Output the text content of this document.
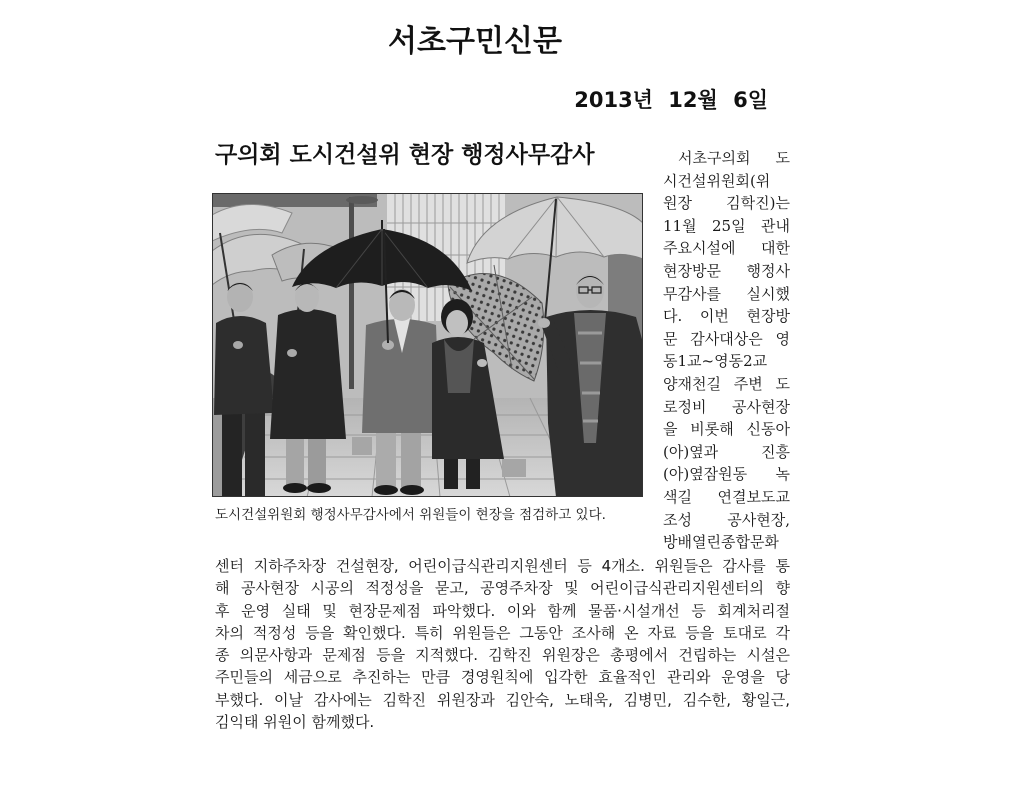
서초구민신문
2013년 12월 6일
구의회 도시건설위 현장 행정사무감사
도시건설위원회 행정사무감사에서 위원들이 현장을 점검하고 있다.
서초구의회 도
시건설위원회(위
원장 김학진)는
11월 25일 관내
주요시설에 대한
현장방문 행정사
무감사를 실시했
다. 이번 현장방
문 감사대상은 영
동1교~영동2교
양재천길 주변 도
로정비 공사현장
을 비롯해 신동아
(아)옆과 진흥
(아)옆잠원동 녹
색길 연결보도교
조성 공사현장,
방배열린종합문화
센터 지하주차장 건설현장, 어린이급식관리지원센터 등 4개소. 위원들은 감사를 통
해 공사현장 시공의 적정성을 묻고, 공영주차장 및 어린이급식관리지원센터의 향
후 운영 실태 및 현장문제점 파악했다. 이와 함께 물품·시설개선 등 회계처리절
차의 적정성 등을 확인했다. 특히 위원들은 그동안 조사해 온 자료 등을 토대로 각
종 의문사항과 문제점 등을 지적했다. 김학진 위원장은 총평에서 건립하는 시설은
주민들의 세금으로 추진하는 만큼 경영원칙에 입각한 효율적인 관리와 운영을 당
부했다. 이날 감사에는 김학진 위원장과 김안숙, 노태욱, 김병민, 김수한, 황일근,
김익태 위원이 함께했다.
